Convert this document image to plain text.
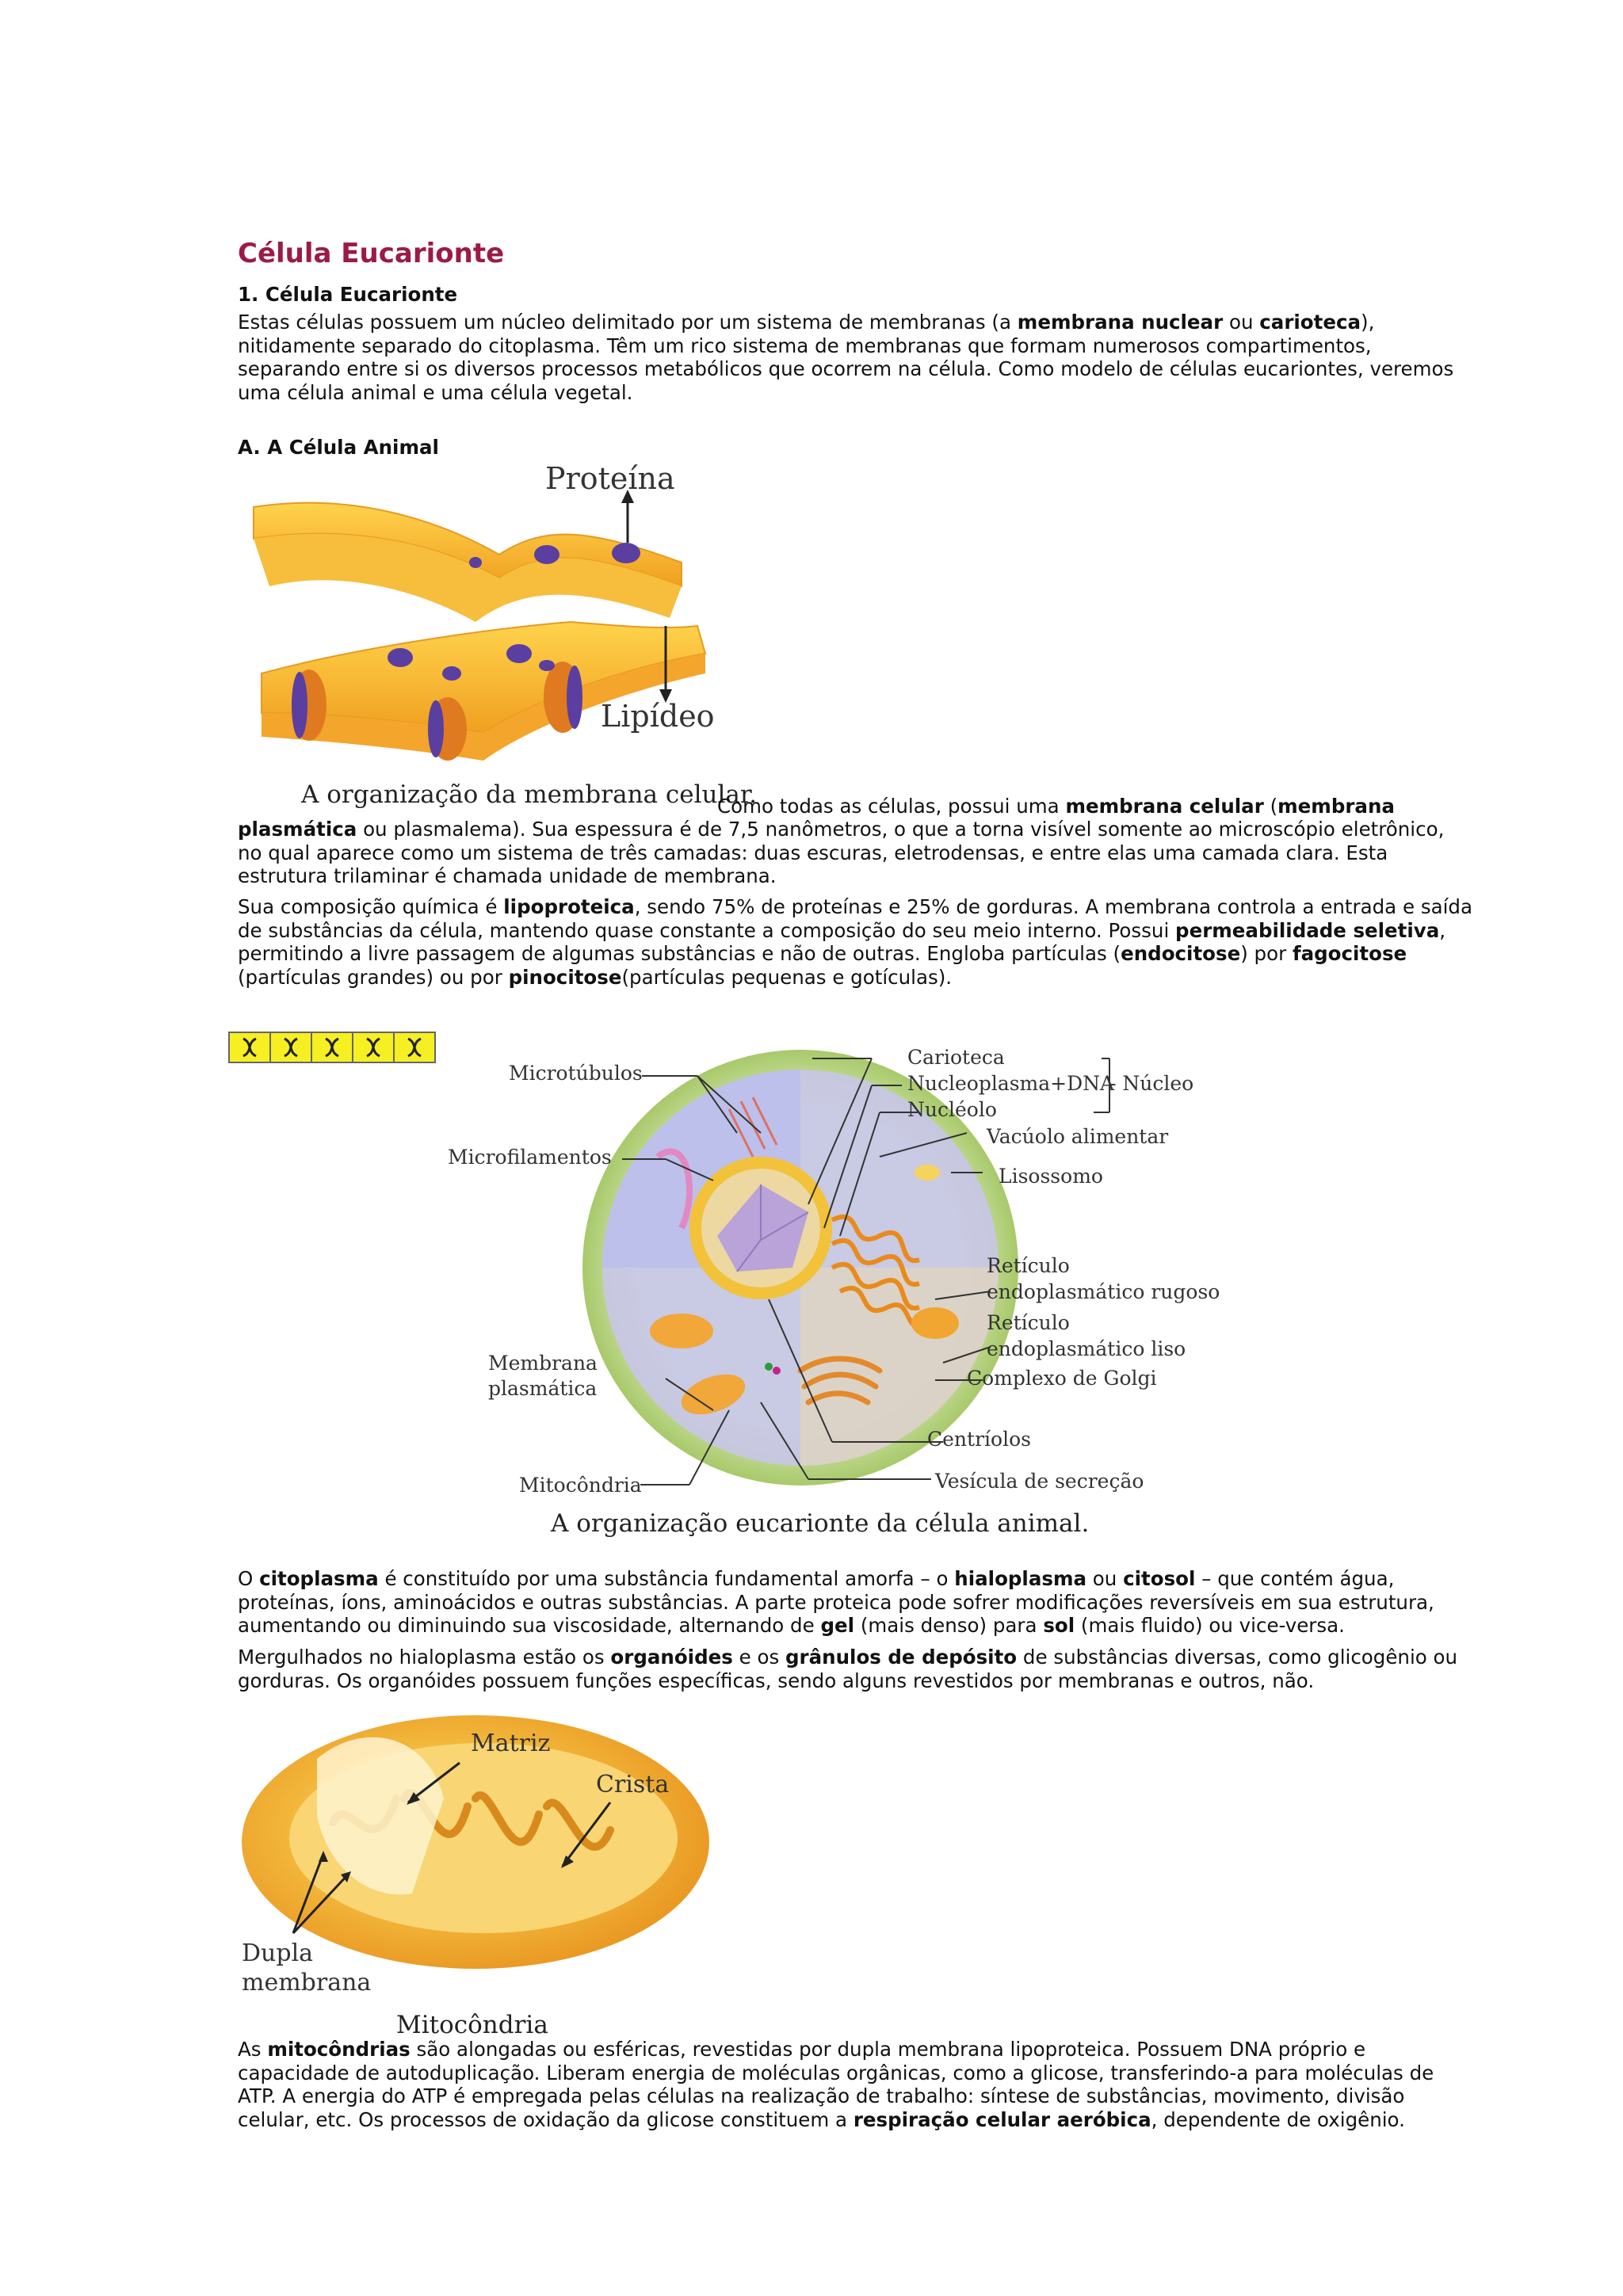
Célula Eucarionte
1. Célula Eucarionte

Estas células possuem um núcleo delimitado por um sistema de membranas (a membrana nuclear ou carioteca), nitidamente separado do citoplasma. Têm um rico sistema de membranas que formam numerosos compartimentos, separando entre si os diversos processos metabólicos que ocorrem na célula. Como modelo de células eucariontes, veremos uma célula animal e uma célula vegetal.

A. A Célula Animal
Proteína
Lipídeo
A organização da membrana celular.

Como todas as células, possui uma membrana celular (membrana

plasmática ou plasmalema). Sua espessura é de 7,5 nanômetros, o que a torna visível somente ao microscópio eletrônico, no qual aparece como um sistema de três camadas: duas escuras, eletrodensas, e entre elas uma camada clara. Esta estrutura trilaminar é chamada unidade de membrana.

Sua composição química é lipoproteica, sendo 75% de proteínas e 25% de gorduras. A membrana controla a entrada e saída de substâncias da célula, mantendo quase constante a composição do seu meio interno. Possui permeabilidade seletiva, permitindo a livre passagem de algumas substâncias e não de outras. Engloba partículas (endocitose) por fagocitose (partículas grandes) ou por pinocitose(partículas pequenas e gotículas).

Microtúbulos
Microfilamentos
Membrana
plasmática
Mitocôndria
Carioteca
Nucleoplasma+DNA
- Núcleo
Nucléolo
Vacúolo alimentar
Lisossomo
Retículo
endoplasmático rugoso
Retículo
endoplasmático liso
Complexo de Golgi
Centríolos
Vesícula de secreção
A organização eucarionte da célula animal.

O citoplasma é constituído por uma substância fundamental amorfa – o hialoplasma ou citosol – que contém água, proteínas, íons, aminoácidos e outras substâncias. A parte proteica pode sofrer modificações reversíveis em sua estrutura, aumentando ou diminuindo sua viscosidade, alternando de gel (mais denso) para sol (mais fluido) ou vice-versa.

Mergulhados no hialoplasma estão os organóides e os grânulos de depósito de substâncias diversas, como glicogênio ou gorduras. Os organóides possuem funções específicas, sendo alguns revestidos por membranas e outros, não.

Matriz
Crista
Dupla
membrana
Mitocôndria

As mitocôndrias são alongadas ou esféricas, revestidas por dupla membrana lipoproteica. Possuem DNA próprio e capacidade de autoduplicação. Liberam energia de moléculas orgânicas, como a glicose, transferindo-a para moléculas de ATP. A energia do ATP é empregada pelas células na realização de trabalho: síntese de substâncias, movimento, divisão celular, etc. Os processos de oxidação da glicose constituem a respiração celular aeróbica, dependente de oxigênio.
